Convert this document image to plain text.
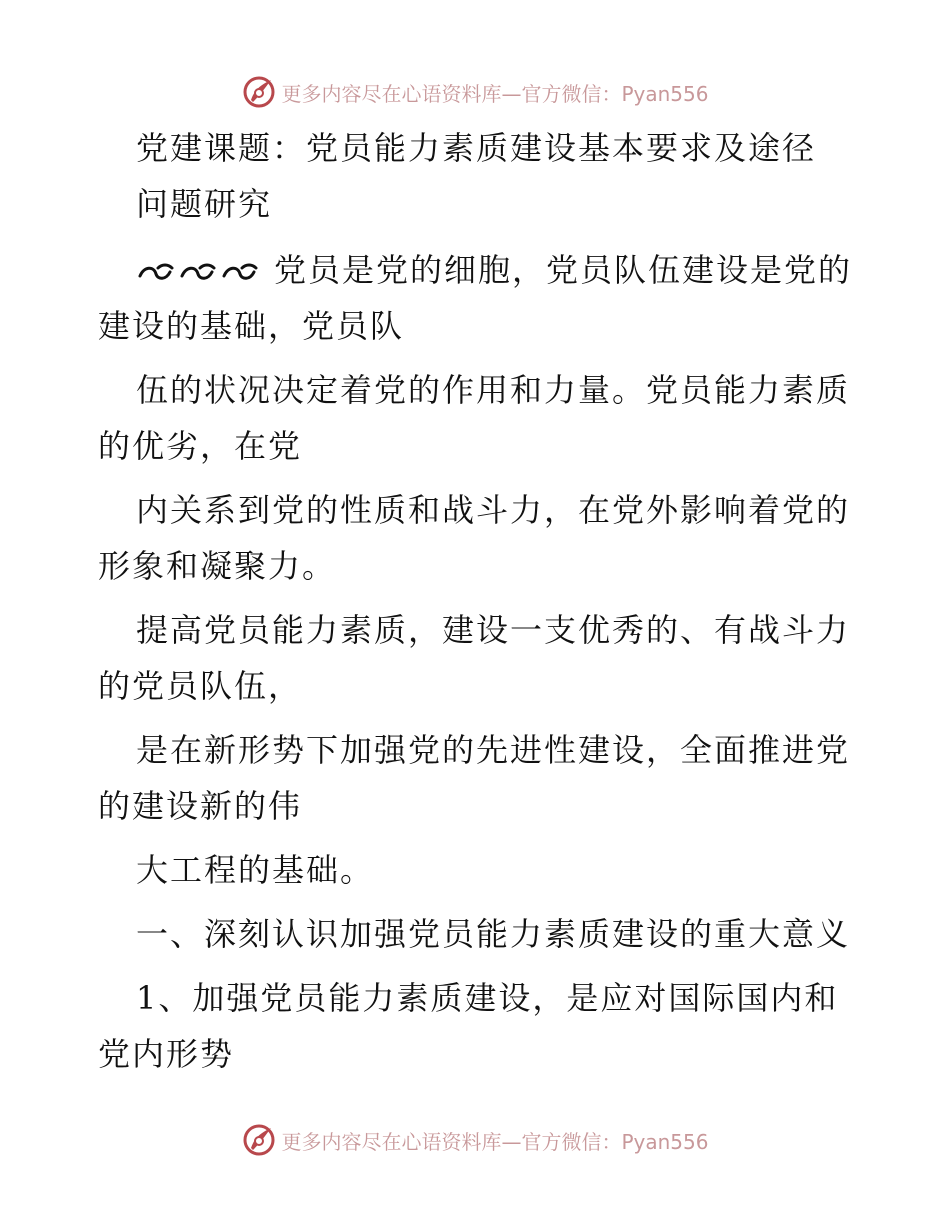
更多内容尽在心语资料库—官方微信：Pyan556
党建课题：党员能力素质建设基本要求及途径
问题研究
党员是党的细胞，党员队伍建设是党的
建设的基础，党员队
伍的状况决定着党的作用和力量。党员能力素质
的优劣，在党
内关系到党的性质和战斗力，在党外影响着党的
形象和凝聚力。
提高党员能力素质，建设一支优秀的、有战斗力
的党员队伍，
是在新形势下加强党的先进性建设，全面推进党
的建设新的伟
大工程的基础。
一、深刻认识加强党员能力素质建设的重大意义
1、加强党员能力素质建设，是应对国际国内和
党内形势
更多内容尽在心语资料库—官方微信：Pyan556
